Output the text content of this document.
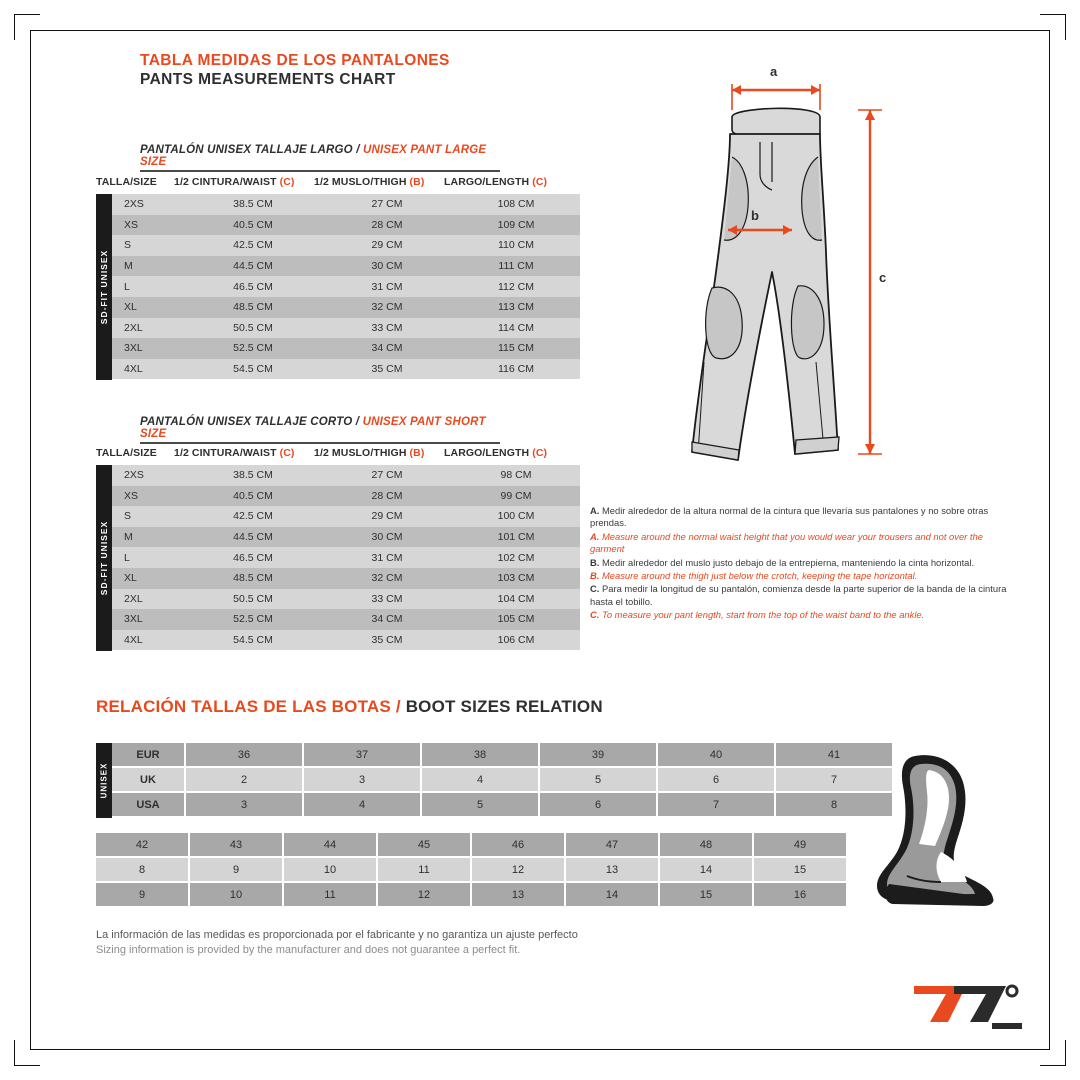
TABLA MEDIDAS DE LOS PANTALONES
PANTS MEASUREMENTS CHART
PANTALÓN UNISEX TALLAJE LARGO / UNISEX PANT LARGE SIZE
TALLA/SIZE 1/2 CINTURA/WAIST (C) 1/2 MUSLO/THIGH (B) LARGO/LENGTH (C)
SD-FIT UNISEX
2XS	38.5 CM	27 CM	108 CM
XS	40.5 CM	28 CM	109 CM
S	42.5 CM	29 CM	110 CM
M	44.5 CM	30 CM	111 CM
L	46.5 CM	31 CM	112 CM
XL	48.5 CM	32 CM	113 CM
2XL	50.5 CM	33 CM	114 CM
3XL	52.5 CM	34 CM	115 CM
4XL	54.5 CM	35 CM	116 CM
PANTALÓN UNISEX TALLAJE CORTO / UNISEX PANT SHORT SIZE
TALLA/SIZE 1/2 CINTURA/WAIST (C) 1/2 MUSLO/THIGH (B) LARGO/LENGTH (C)
SD-FIT UNISEX
2XS	38.5 CM	27 CM	98 CM
XS	40.5 CM	28 CM	99 CM
S	42.5 CM	29 CM	100 CM
M	44.5 CM	30 CM	101 CM
L	46.5 CM	31 CM	102 CM
XL	48.5 CM	32 CM	103 CM
2XL	50.5 CM	33 CM	104 CM
3XL	52.5 CM	34 CM	105 CM
4XL	54.5 CM	35 CM	106 CM
a
b
c

A. Medir alrededor de la altura normal de la cintura que llevaría sus pantalones y no sobre otras prendas.

A. Measure around the normal waist height that you would wear your trousers and not over the garment

B. Medir alrededor del muslo justo debajo de la entrepierna, manteniendo la cinta horizontal.

B. Measure around the thigh just below the crotch, keeping the tape horizontal.

C. Para medir la longitud de su pantalón, comienza desde la parte superior de la banda de la cintura hasta el tobillo.

C. To measure your pant length, start from the top of the waist band to the ankle.

RELACIÓN TALLAS DE LAS BOTAS / BOOT SIZES RELATION
UNISEX
EUR	36	37	38	39	40	41
UK	2	3	4	5	6	7
USA	3	4	5	6	7	8
42	43	44	45	46	47	48	49
8	9	10	11	12	13	14	15
9	10	11	12	13	14	15	16
La información de las medidas es proporcionada por el fabricante y no garantiza un ajuste perfecto
Sizing information is provided by the manufacturer and does not guarantee a perfect fit.
